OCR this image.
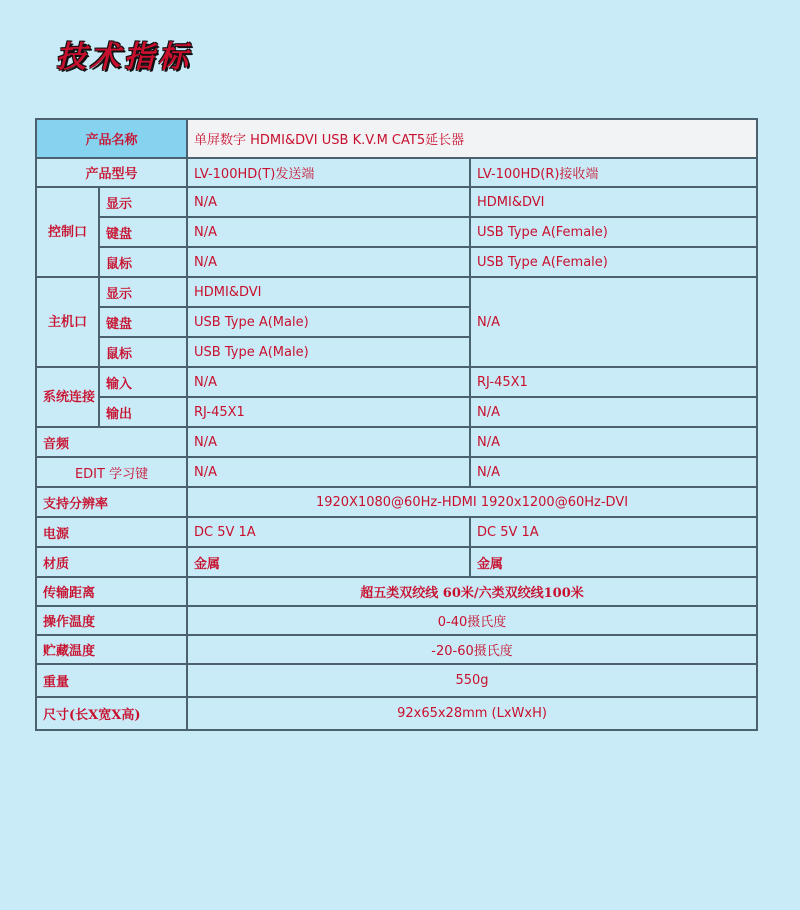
技术指标
产品名称		单屏数字 HDMI&DVI USB K.V.M CAT5延长器	
产品型号		LV-100HD(T)发送端	LV-100HD(R)接收端
控制口	显示	N/A	HDMI&DVI
	键盘	N/A	USB Type A(Female)
	鼠标	N/A	USB Type A(Female)
主机口	显示	HDMI&DVI	N/A
	键盘	USB Type A(Male)	
	鼠标	USB Type A(Male)	
系统连接	输入	N/A	RJ-45X1
	输出	RJ-45X1	N/A
音频		N/A	N/A
EDIT 学习键		N/A	N/A
支持分辨率		1920X1080@60Hz-HDMI 1920x1200@60Hz-DVI	
电源		DC 5V 1A	DC 5V 1A
材质		金属	金属
传输距离		超五类双绞线 60米/六类双绞线100米	
操作温度		0-40摄氏度	
贮藏温度		-20-60摄氏度	
重量		550g	
尺寸(长X宽X高)		92x65x28mm (LxWxH)	
